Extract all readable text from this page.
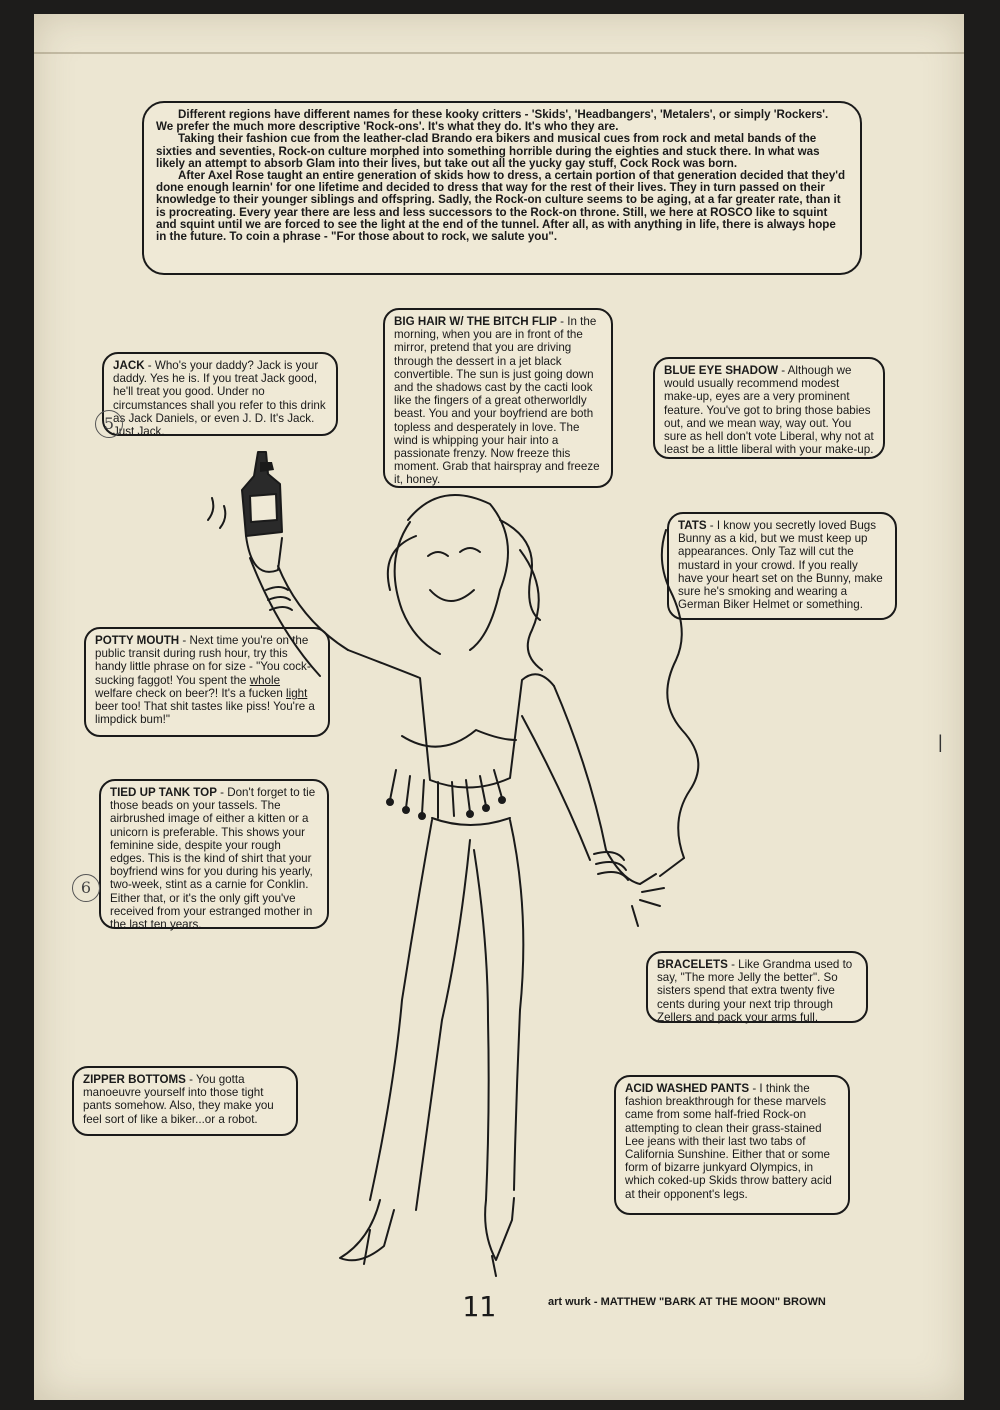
Different regions have different names for these kooky critters - 'Skids', 'Headbangers', 'Metalers', or simply 'Rockers'. We prefer the much more descriptive 'Rock-ons'. It's what they do. It's who they are.

Taking their fashion cue from the leather-clad Brando era bikers and musical cues from rock and metal bands of the sixties and seventies, Rock-on culture morphed into something horrible during the eighties and stuck there. In what was likely an attempt to absorb Glam into their lives, but take out all the yucky gay stuff, Cock Rock was born.

After Axel Rose taught an entire generation of skids how to dress, a certain portion of that generation decided that they'd done enough learnin' for one lifetime and decided to dress that way for the rest of their lives. They in turn passed on their knowledge to their younger siblings and offspring. Sadly, the Rock-on culture seems to be aging, at a far greater rate, than it is procreating. Every year there are less and less successors to the Rock-on throne. Still, we here at ROSCO like to squint and squint until we are forced to see the light at the end of the tunnel. After all, as with anything in life, there is always hope in the future. To coin a phrase - "For those about to rock, we salute you".

JACK - Who's your daddy? Jack is your daddy. Yes he is. If you treat Jack good, he'll treat you good. Under no circumstances shall you refer to this drink as Jack Daniels, or even J. D. It's Jack. Just Jack.
BIG HAIR W/ THE BITCH FLIP - In the morning, when you are in front of the mirror, pretend that you are driving through the dessert in a jet black convertible. The sun is just going down and the shadows cast by the cacti look like the fingers of a great otherworldly beast. You and your boyfriend are both topless and desperately in love. The wind is whipping your hair into a passionate frenzy. Now freeze this moment. Grab that hairspray and freeze it, honey.
BLUE EYE SHADOW - Although we would usually recommend modest make-up, eyes are a very prominent feature. You've got to bring those babies out, and we mean way, way out. You sure as hell don't vote Liberal, why not at least be a little liberal with your make-up.
TATS - I know you secretly loved Bugs Bunny as a kid, but we must keep up appearances. Only Taz will cut the mustard in your crowd. If you really have your heart set on the Bunny, make sure he's smoking and wearing a German Biker Helmet or something.
POTTY MOUTH - Next time you're on the public transit during rush hour, try this handy little phrase on for size - "You cock-sucking faggot! You spent the whole welfare check on beer?! It's a fucken light beer too! That shit tastes like piss! You're a limpdick bum!"
TIED UP TANK TOP - Don't forget to tie those beads on your tassels. The airbrushed image of either a kitten or a unicorn is preferable. This shows your feminine side, despite your rough edges. This is the kind of shirt that your boyfriend wins for you during his yearly, two-week, stint as a carnie for Conklin. Either that, or it's the only gift you've received from your estranged mother in the last ten years.
BRACELETS - Like Grandma used to say, "The more Jelly the better". So sisters spend that extra twenty five cents during your next trip through Zellers and pack your arms full.
ZIPPER BOTTOMS - You gotta manoeuvre yourself into those tight pants somehow. Also, they make you feel sort of like a biker...or a robot.
ACID WASHED PANTS - I think the fashion breakthrough for these marvels came from some half-fried Rock-on attempting to clean their grass-stained Lee jeans with their last two tabs of California Sunshine. Either that or some form of bizarre junkyard Olympics, in which coked-up Skids throw battery acid at their opponent's legs.
5
6
|
11	art wurk - MATTHEW "BARK AT THE MOON" BROWN
